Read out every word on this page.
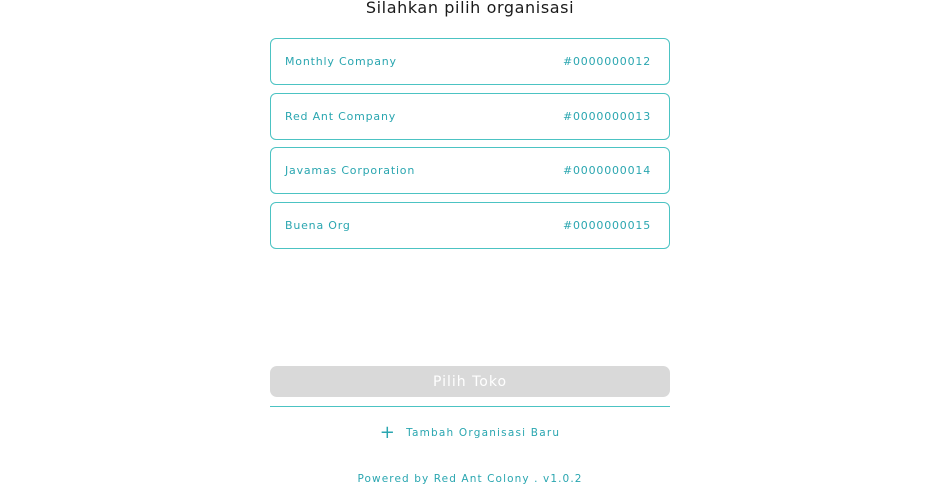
Silahkan pilih organisasi
Monthly Company	#0000000012
Red Ant Company	#0000000013
Javamas Corporation	#0000000014
Buena Org	#0000000015
Pilih Toko
+ Tambah Organisasi Baru
Powered by Red Ant Colony . v1.0.2
